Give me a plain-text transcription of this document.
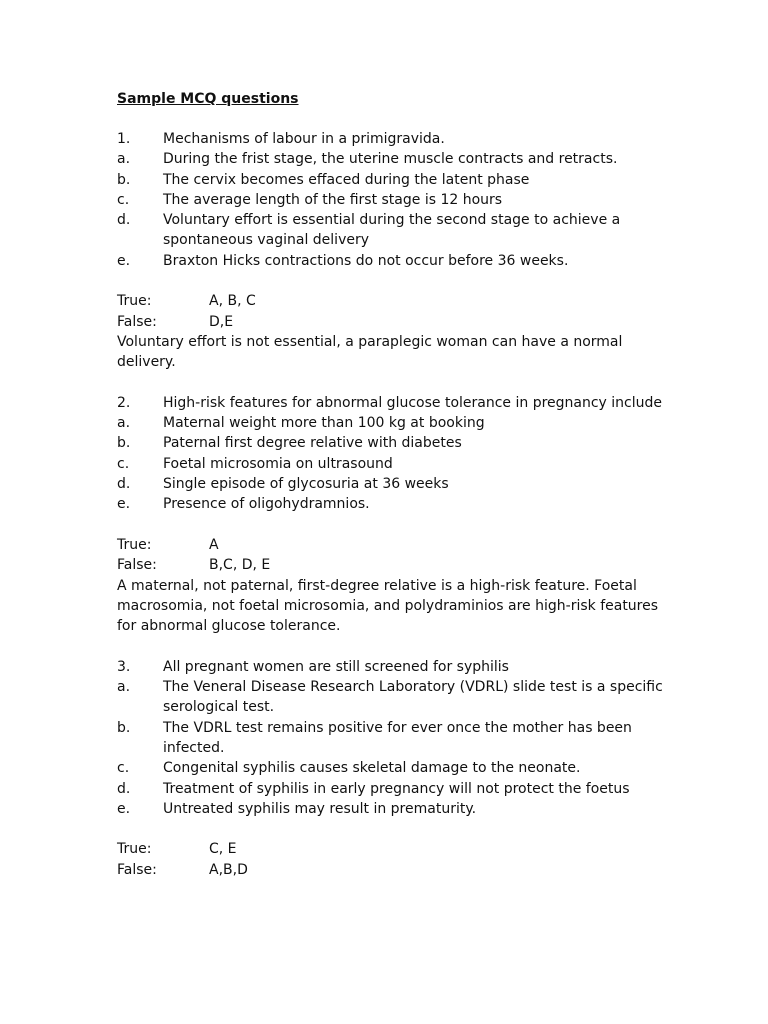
Sample MCQ questions
1.	Mechanisms of labour in a primigravida.
a.	During the frist stage, the uterine muscle contracts and retracts.
b.	The cervix becomes effaced during the latent phase
c.	The average length of the first stage is 12 hours
d.	Voluntary effort is essential during the second stage to achieve a spontaneous vaginal delivery
e.	Braxton Hicks contractions do not occur before 36 weeks.
True:	A, B, C
False:	D,E
Voluntary effort is not essential, a paraplegic woman can have a normal delivery.
2.	High-risk features for abnormal glucose tolerance in pregnancy include
a.	Maternal weight more than 100 kg at booking
b.	Paternal first degree relative with diabetes
c.	Foetal microsomia on ultrasound
d.	Single episode of glycosuria at 36 weeks
e.	Presence of oligohydramnios.
True:	A
False:	B,C, D, E
A maternal, not paternal, first-degree relative is a high-risk feature. Foetal macrosomia, not foetal microsomia, and polydraminios are high-risk features for abnormal glucose tolerance.
3.	All pregnant women are still screened for syphilis
a.	The Veneral Disease Research Laboratory (VDRL) slide test is a specific serological test.
b.	The VDRL test remains positive for ever once the mother has been infected.
c.	Congenital syphilis causes skeletal damage to the neonate.
d.	Treatment of syphilis in early pregnancy will not protect the foetus
e.	Untreated syphilis may result in prematurity.
True:	C, E
False:	A,B,D
